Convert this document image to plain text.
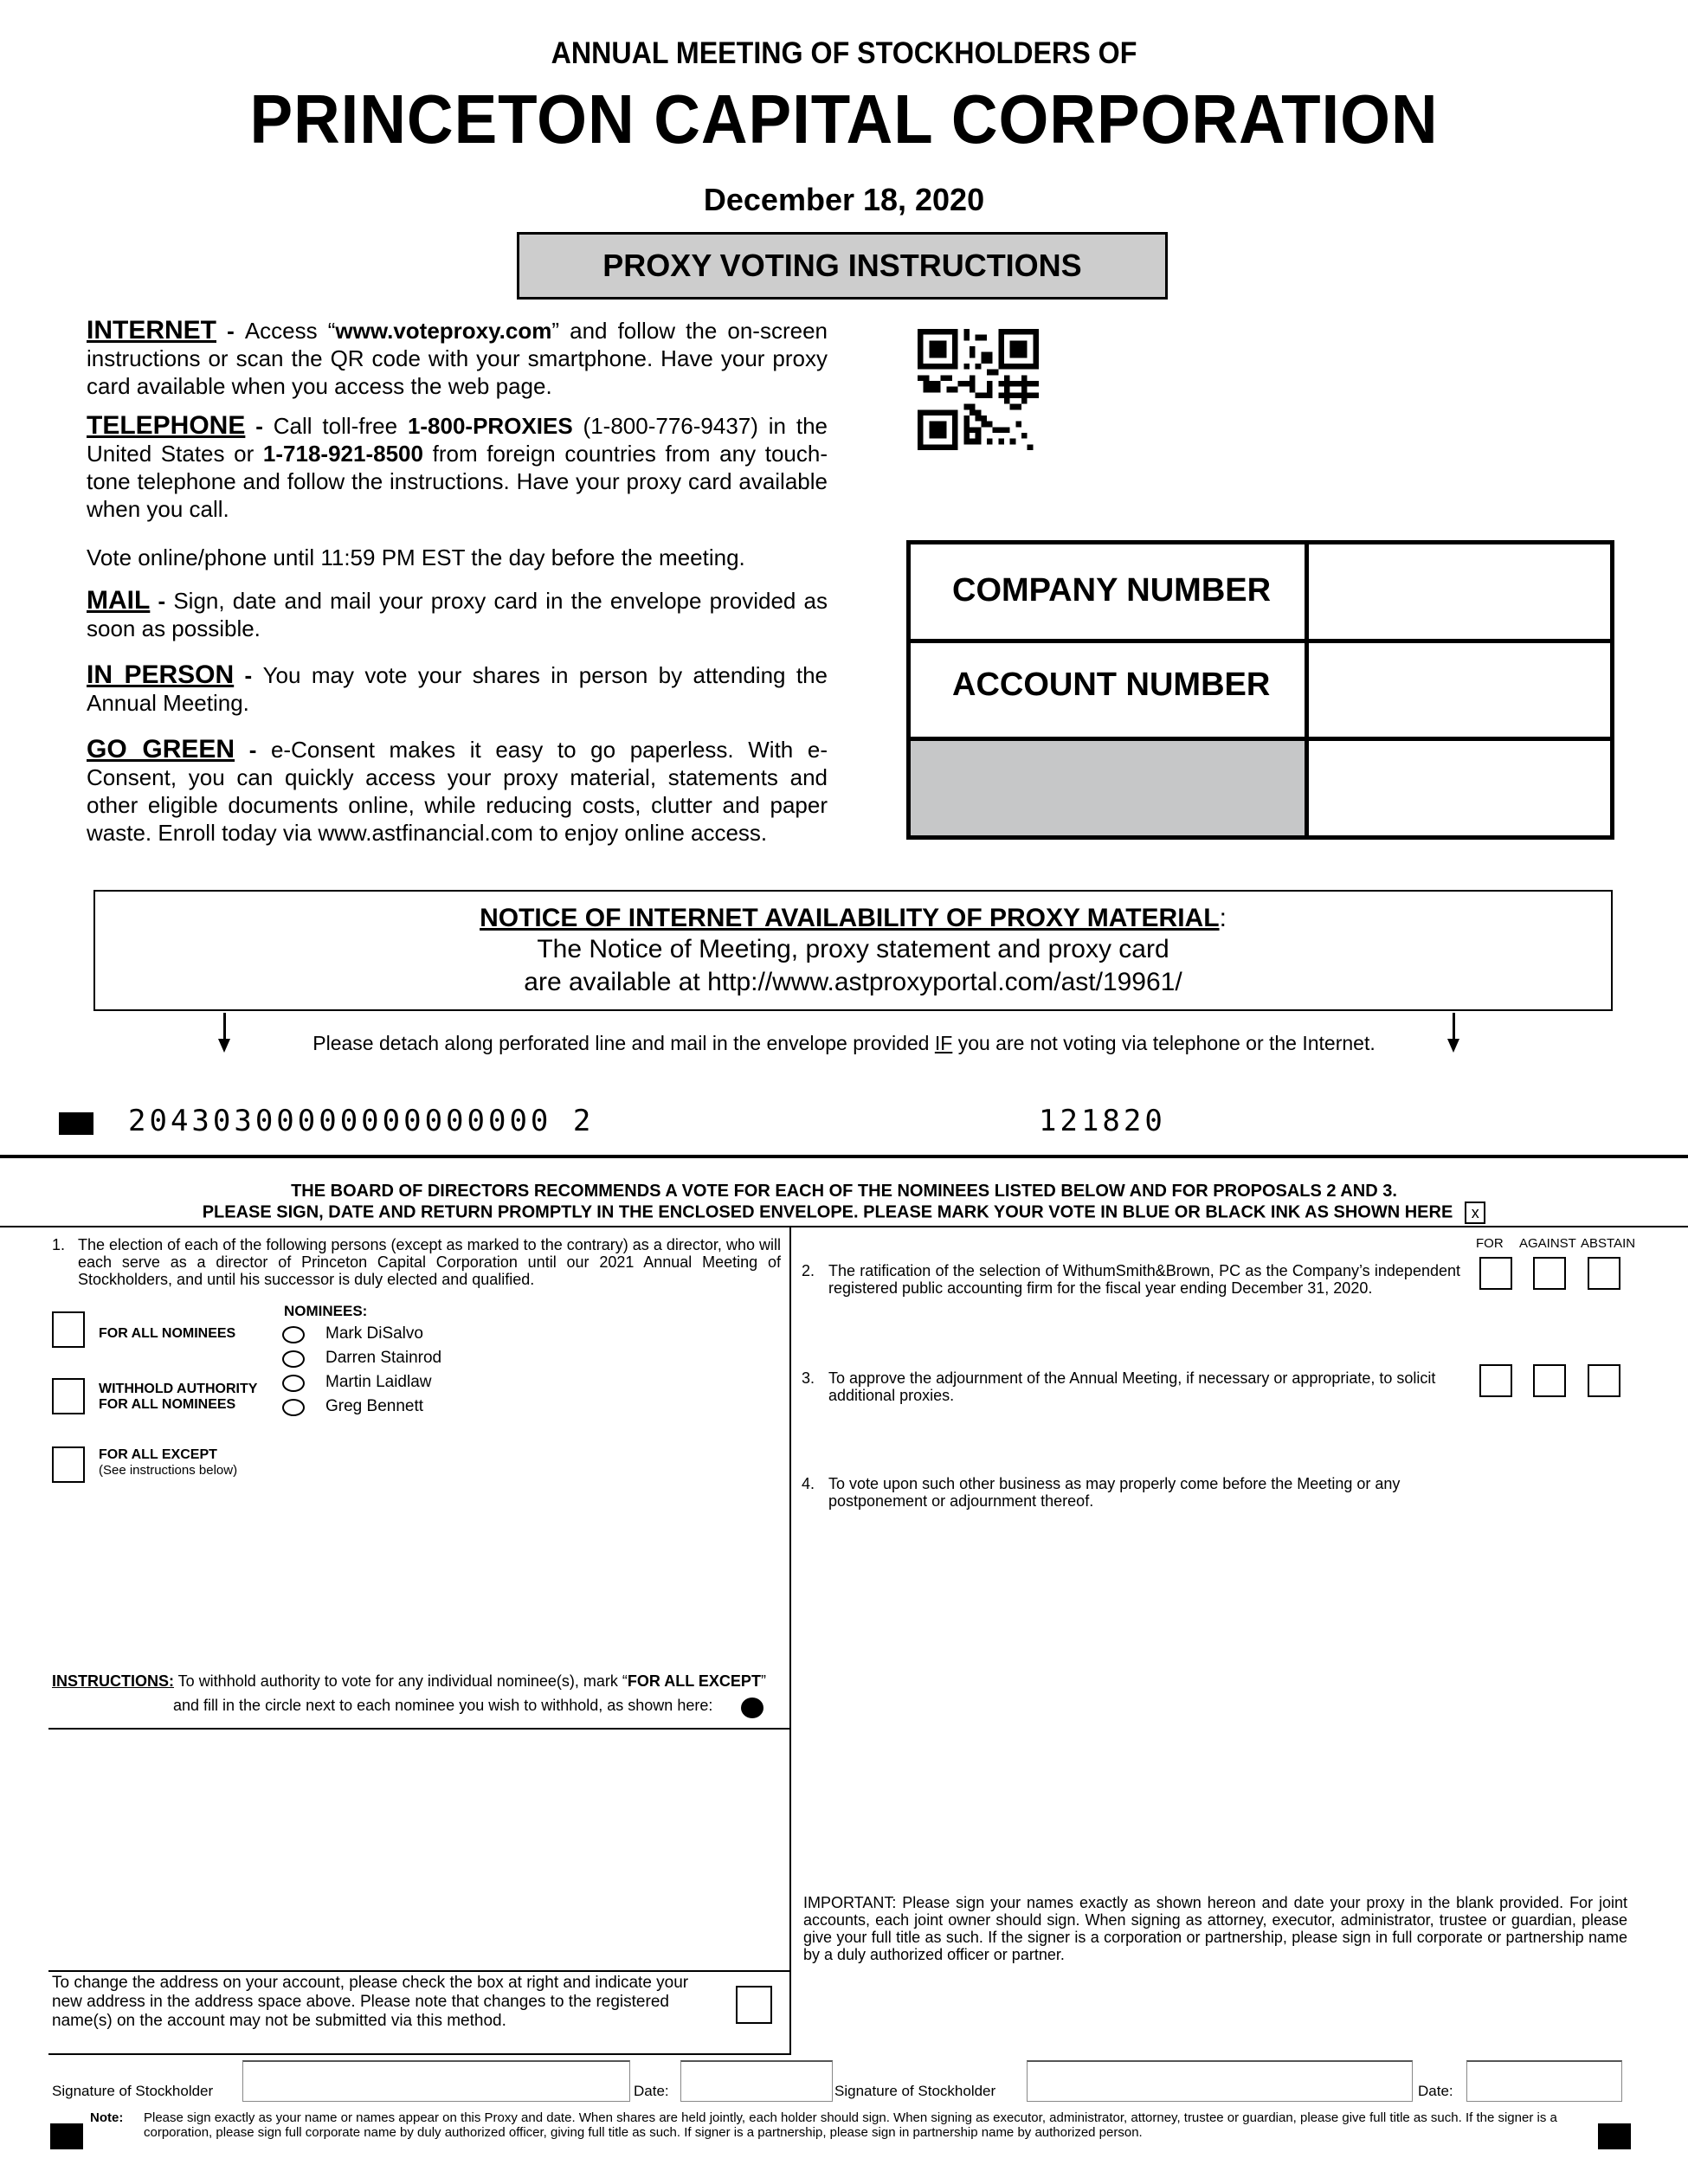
ANNUAL MEETING OF STOCKHOLDERS OF
PRINCETON CAPITAL CORPORATION
December 18, 2020
PROXY VOTING INSTRUCTIONS
INTERNET - Access “www.voteproxy.com” and follow the on-screen instructions or scan the QR code with your smartphone. Have your proxy card available when you access the web page.
TELEPHONE - Call toll-free 1-800-PROXIES (1-800-776-9437) in the United States or 1-718-921-8500 from foreign countries from any touch-tone telephone and follow the instructions. Have your proxy card available when you call.
Vote online/phone until 11:59 PM EST the day before the meeting.
MAIL - Sign, date and mail your proxy card in the envelope provided as soon as possible.
IN PERSON - You may vote your shares in person by attending the Annual Meeting.
GO GREEN - e-Consent makes it easy to go paperless. With e-Consent, you can quickly access your proxy material, statements and other eligible documents online, while reducing costs, clutter and paper waste. Enroll today via www.astfinancial.com to enjoy online access.
COMPANY NUMBER
ACCOUNT NUMBER
NOTICE OF INTERNET AVAILABILITY OF PROXY MATERIAL:
The Notice of Meeting, proxy statement and proxy card
are available at http://www.astproxyportal.com/ast/19961/
Please detach along perforated line and mail in the envelope provided IF you are not voting via telephone or the Internet.
20430300000000000000 2	121820
THE BOARD OF DIRECTORS RECOMMENDS A VOTE FOR EACH OF THE NOMINEES LISTED BELOW AND FOR PROPOSALS 2 AND 3.
PLEASE SIGN, DATE AND RETURN PROMPTLY IN THE ENCLOSED ENVELOPE. PLEASE MARK YOUR VOTE IN BLUE OR BLACK INK AS SHOWN HERE x
1. The election of each of the following persons (except as marked to the contrary) as a director, who will each serve as a director of Princeton Capital Corporation until our 2021 Annual Meeting of Stockholders, and until his successor is duly elected and qualified.
FOR ALL NOMINEES
WITHHOLD AUTHORITY
FOR ALL NOMINEES
FOR ALL EXCEPT
(See instructions below)
NOMINEES:
Mark DiSalvo
Darren Stainrod
Martin Laidlaw
Greg Bennett
INSTRUCTIONS: To withhold authority to vote for any individual nominee(s), mark “FOR ALL EXCEPT”
and fill in the circle next to each nominee you wish to withhold, as shown here:
FOR AGAINST ABSTAIN
2. The ratification of the selection of WithumSmith&Brown, PC as the Company’s independent registered public accounting firm for the fiscal year ending December 31, 2020.
3. To approve the adjournment of the Annual Meeting, if necessary or appropriate, to solicit additional proxies.
4. To vote upon such other business as may properly come before the Meeting or any postponement or adjournment thereof.
IMPORTANT: Please sign your names exactly as shown hereon and date your proxy in the blank provided. For joint accounts, each joint owner should sign. When signing as attorney, executor, administrator, trustee or guardian, please give your full title as such. If the signer is a corporation or partnership, please sign in full corporate or partnership name by a duly authorized officer or partner.
To change the address on your account, please check the box at right and indicate your new address in the address space above. Please note that changes to the registered name(s) on the account may not be submitted via this method.
Signature of Stockholder	Date:	Signature of Stockholder	Date:
Note: Please sign exactly as your name or names appear on this Proxy and date. When shares are held jointly, each holder should sign. When signing as executor, administrator, attorney, trustee or guardian, please give full title as such. If the signer is a corporation, please sign full corporate name by duly authorized officer, giving full title as such. If signer is a partnership, please sign in partnership name by authorized person.
